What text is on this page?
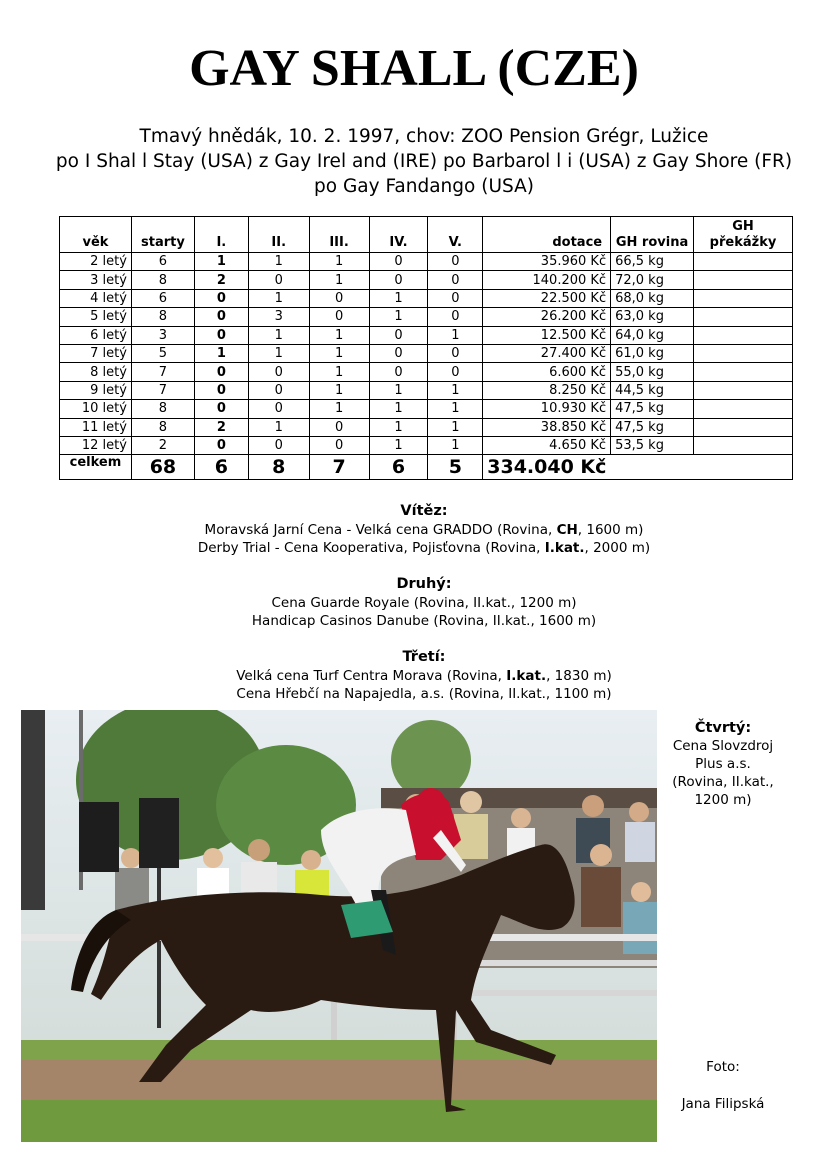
GAY SHALL (CZE)
Tmavý hnědák, 10. 2. 1997, chov: ZOO Pension Grégr, Lužice
po I Shal l Stay (USA) z Gay Irel and (IRE) po Barbarol l i (USA) z Gay Shore (FR)
po Gay Fandango (USA)
věk	starty	I.	II.	III.	IV.	V.	dotace	GH rovina	GH překážky
2 letý	6	1	1	1	0	0	35.960 Kč	66,5 kg	
3 letý	8	2	0	1	0	0	140.200 Kč	72,0 kg	
4 letý	6	0	1	0	1	0	22.500 Kč	68,0 kg	
5 letý	8	0	3	0	1	0	26.200 Kč	63,0 kg	
6 letý	3	0	1	1	0	1	12.500 Kč	64,0 kg	
7 letý	5	1	1	1	0	0	27.400 Kč	61,0 kg	
8 letý	7	0	0	1	0	0	6.600 Kč	55,0 kg	
9 letý	7	0	0	1	1	1	8.250 Kč	44,5 kg	
10 letý	8	0	0	1	1	1	10.930 Kč	47,5 kg	
11 letý	8	2	1	0	1	1	38.850 Kč	47,5 kg	
12 letý	2	0	0	0	1	1	4.650 Kč	53,5 kg	
celkem	68	6	8	7	6	5	334.040 Kč		
Vítěz:
Moravská Jarní Cena - Velká cena GRADDO (Rovina, CH, 1600 m)
Derby Trial - Cena Kooperativa, Pojisťovna (Rovina, I.kat., 2000 m)
Druhý:
Cena Guarde Royale (Rovina, II.kat., 1200 m)
Handicap Casinos Danube (Rovina, II.kat., 1600 m)
Třetí:
Velká cena Turf Centra Morava (Rovina, I.kat., 1830 m)
Cena Hřebčí na Napajedla, a.s. (Rovina, II.kat., 1100 m)
Čtvrtý:
Cena Slovzdroj
Plus a.s.
(Rovina, II.kat.,
1200 m)
Foto:
Jana Filipská
